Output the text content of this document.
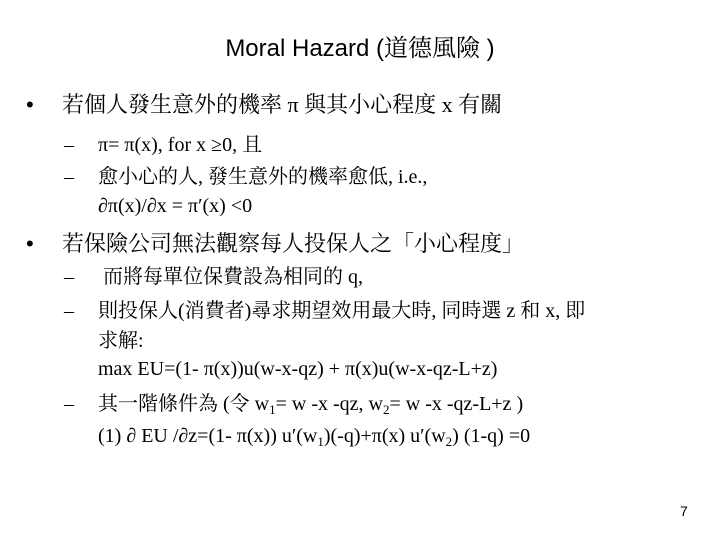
Moral Hazard (道德風險 )
• 若個人發生意外的機率 π 與其小心程度 x 有關
– π= π(x), for x ≥0, 且
– 愈小心的人, 發生意外的機率愈低, i.e.,
∂π(x)/∂x = π′(x) <0
• 若保險公司無法觀察每人投保人之「小心程度」
– 而將每單位保費設為相同的 q,
– 則投保人(消費者)尋求期望效用最大時, 同時選 z 和 x, 即
求解:
max EU=(1- π(x))u(w-x-qz) + π(x)u(w-x-qz-L+z)
– 其一階條件為 (令 $w_1= w$ -x -qz, $w_2= w$ -x -qz-L+z )
(1) ∂ EU /∂z=(1- π(x)) $u'(w_1)(-q)+\pi(x)$ $u'(w_2)$ (1-q) =0
7
